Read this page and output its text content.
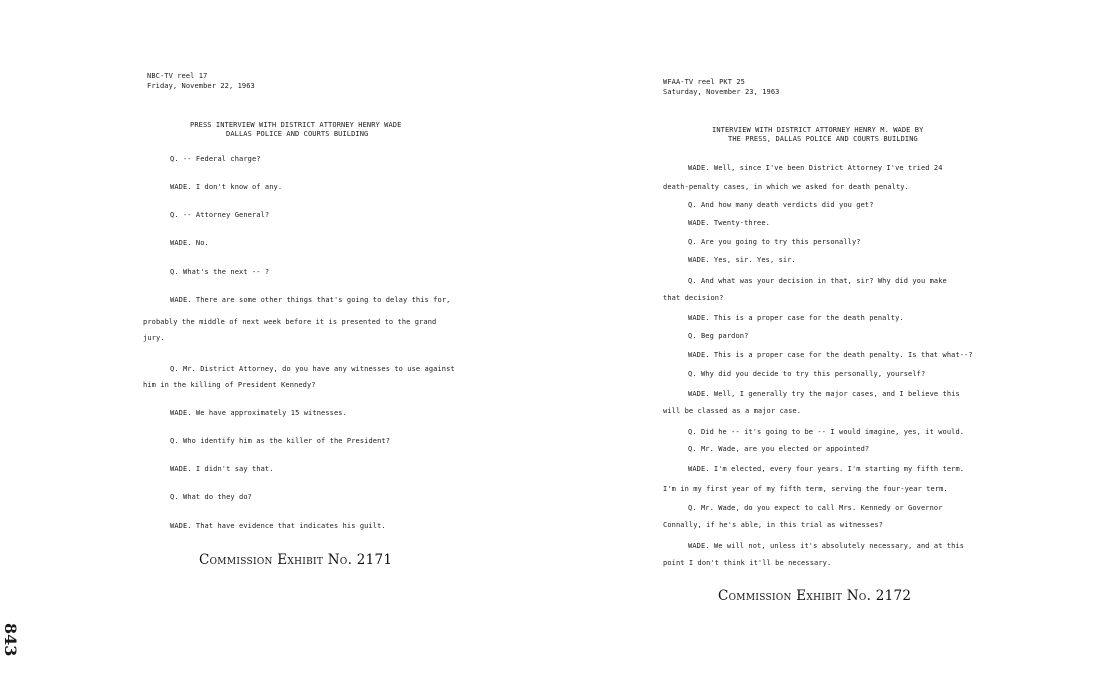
NBC-TV reel 17
Friday, November 22, 1963
PRESS INTERVIEW WITH DISTRICT ATTORNEY HENRY WADE
DALLAS POLICE AND COURTS BUILDING
Q. -- Federal charge?
WADE. I don't know of any.
Q. -- Attorney General?
WADE. No.
Q. What's the next -- ?
WADE. There are some other things that's going to delay this for,
probably the middle of next week before it is presented to the grand
jury.
Q. Mr. District Attorney, do you have any witnesses to use against
him in the killing of President Kennedy?
WADE. We have approximately 15 witnesses.
Q. Who identify him as the killer of the President?
WADE. I didn't say that.
Q. What do they do?
WADE. That have evidence that indicates his guilt.
Commission Exhibit No. 2171
WFAA-TV reel PKT 25
Saturday, November 23, 1963
INTERVIEW WITH DISTRICT ATTORNEY HENRY M. WADE BY
THE PRESS, DALLAS POLICE AND COURTS BUILDING
WADE. Well, since I've been District Attorney I've tried 24
death-penalty cases, in which we asked for death penalty.
Q. And how many death verdicts did you get?
WADE. Twenty-three.
Q. Are you going to try this personally?
WADE. Yes, sir. Yes, sir.
Q. And what was your decision in that, sir? Why did you make
that decision?
WADE. This is a proper case for the death penalty.
Q. Beg pardon?
WADE. This is a proper case for the death penalty. Is that what--?
Q. Why did you decide to try this personally, yourself?
WADE. Well, I generally try the major cases, and I believe this
will be classed as a major case.
Q. Did he -- it's going to be -- I would imagine, yes, it would.
Q. Mr. Wade, are you elected or appointed?
WADE. I'm elected, every four years. I'm starting my fifth term.
I'm in my first year of my fifth term, serving the four-year term.
Q. Mr. Wade, do you expect to call Mrs. Kennedy or Governor
Connally, if he's able, in this trial as witnesses?
WADE. We will not, unless it's absolutely necessary, and at this
point I don't think it'll be necessary.
Commission Exhibit No. 2172
843
